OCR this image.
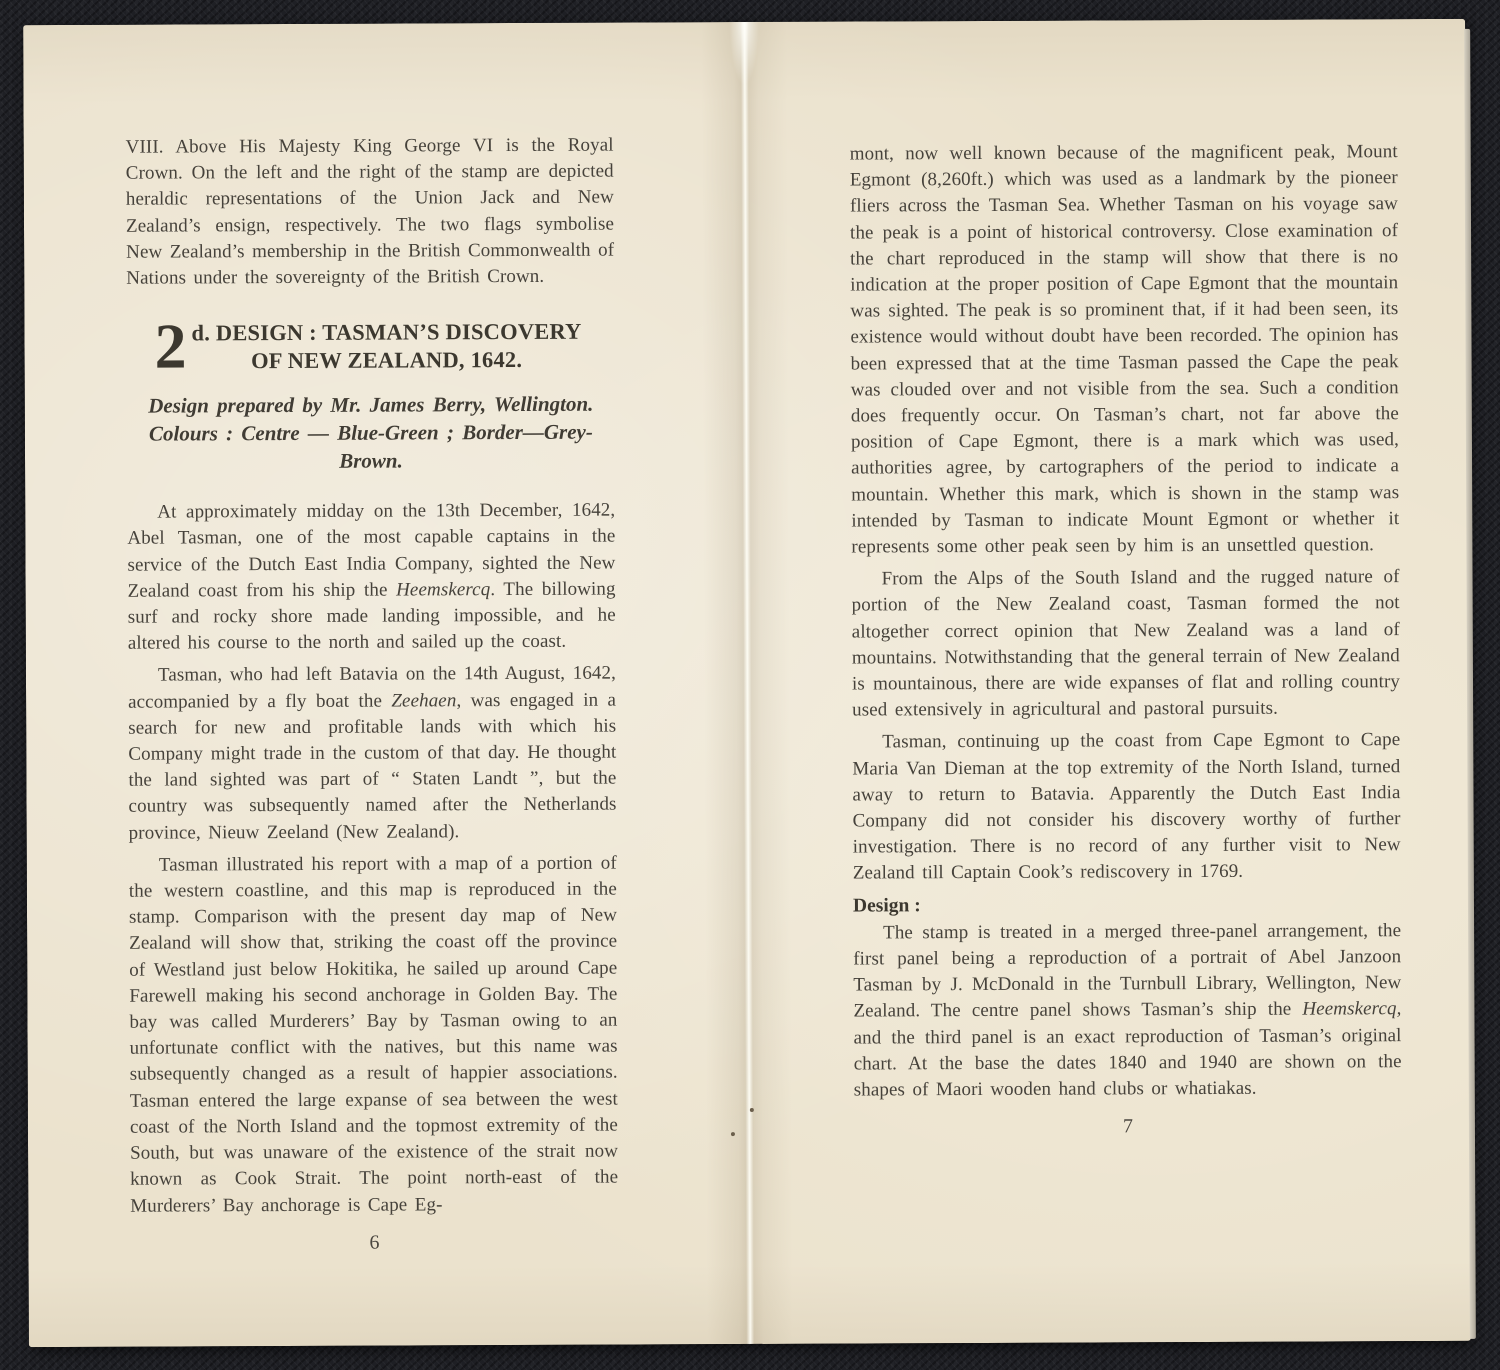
VIII. Above His Majesty King George VI is the Royal Crown. On the left and the right of the stamp are depicted heraldic representations of the Union Jack and New Zealand’s ensign, respectively. The two flags symbolise New Zealand’s membership in the British Commonwealth of Nations under the sovereignty of the British Crown.

2 d. DESIGN : TASMAN’S DISCOVERY
OF NEW ZEALAND, 1642.
Design prepared by Mr. James Berry, Wellington. Colours : Centre — Blue-Green ; Border—Grey-Brown.

At approximately midday on the 13th December, 1642, Abel Tasman, one of the most capable captains in the service of the Dutch East India Company, sighted the New Zealand coast from his ship the Heemskercq. The billowing surf and rocky shore made landing impossible, and he altered his course to the north and sailed up the coast.

Tasman, who had left Batavia on the 14th August, 1642, accompanied by a fly boat the Zeehaen, was engaged in a search for new and profitable lands with which his Company might trade in the custom of that day. He thought the land sighted was part of “ Staten Landt ”, but the country was subsequently named after the Netherlands province, Nieuw Zeeland (New Zealand).

Tasman illustrated his report with a map of a portion of the western coastline, and this map is reproduced in the stamp. Comparison with the present day map of New Zealand will show that, striking the coast off the province of Westland just below Hokitika, he sailed up around Cape Farewell making his second anchorage in Golden Bay. The bay was called Murderers’ Bay by Tasman owing to an unfortunate conflict with the natives, but this name was subsequently changed as a result of happier associations. Tasman entered the large expanse of sea between the west coast of the North Island and the topmost extremity of the South, but was unaware of the existence of the strait now known as Cook Strait. The point north-east of the Murderers’ Bay anchorage is Cape Eg-

6

mont, now well known because of the magnificent peak, Mount Egmont (8,260ft.) which was used as a landmark by the pioneer fliers across the Tasman Sea. Whether Tasman on his voyage saw the peak is a point of historical controversy. Close examination of the chart reproduced in the stamp will show that there is no indication at the proper position of Cape Egmont that the mountain was sighted. The peak is so prominent that, if it had been seen, its existence would without doubt have been recorded. The opinion has been expressed that at the time Tasman passed the Cape the peak was clouded over and not visible from the sea. Such a condition does frequently occur. On Tasman’s chart, not far above the position of Cape Egmont, there is a mark which was used, authorities agree, by cartographers of the period to indicate a mountain. Whether this mark, which is shown in the stamp was intended by Tasman to indicate Mount Egmont or whether it represents some other peak seen by him is an unsettled question.

From the Alps of the South Island and the rugged nature of portion of the New Zealand coast, Tasman formed the not altogether correct opinion that New Zealand was a land of mountains. Notwithstanding that the general terrain of New Zealand is mountainous, there are wide expanses of flat and rolling country used extensively in agricultural and pastoral pursuits.

Tasman, continuing up the coast from Cape Egmont to Cape Maria Van Dieman at the top extremity of the North Island, turned away to return to Batavia. Apparently the Dutch East India Company did not consider his discovery worthy of further investigation. There is no record of any further visit to New Zealand till Captain Cook’s rediscovery in 1769.

Design :

The stamp is treated in a merged three-panel arrangement, the first panel being a reproduction of a portrait of Abel Janzoon Tasman by J. McDonald in the Turnbull Library, Wellington, New Zealand. The centre panel shows Tasman’s ship the Heemskercq, and the third panel is an exact reproduction of Tasman’s original chart. At the base the dates 1840 and 1940 are shown on the shapes of Maori wooden hand clubs or whatiakas.

7
